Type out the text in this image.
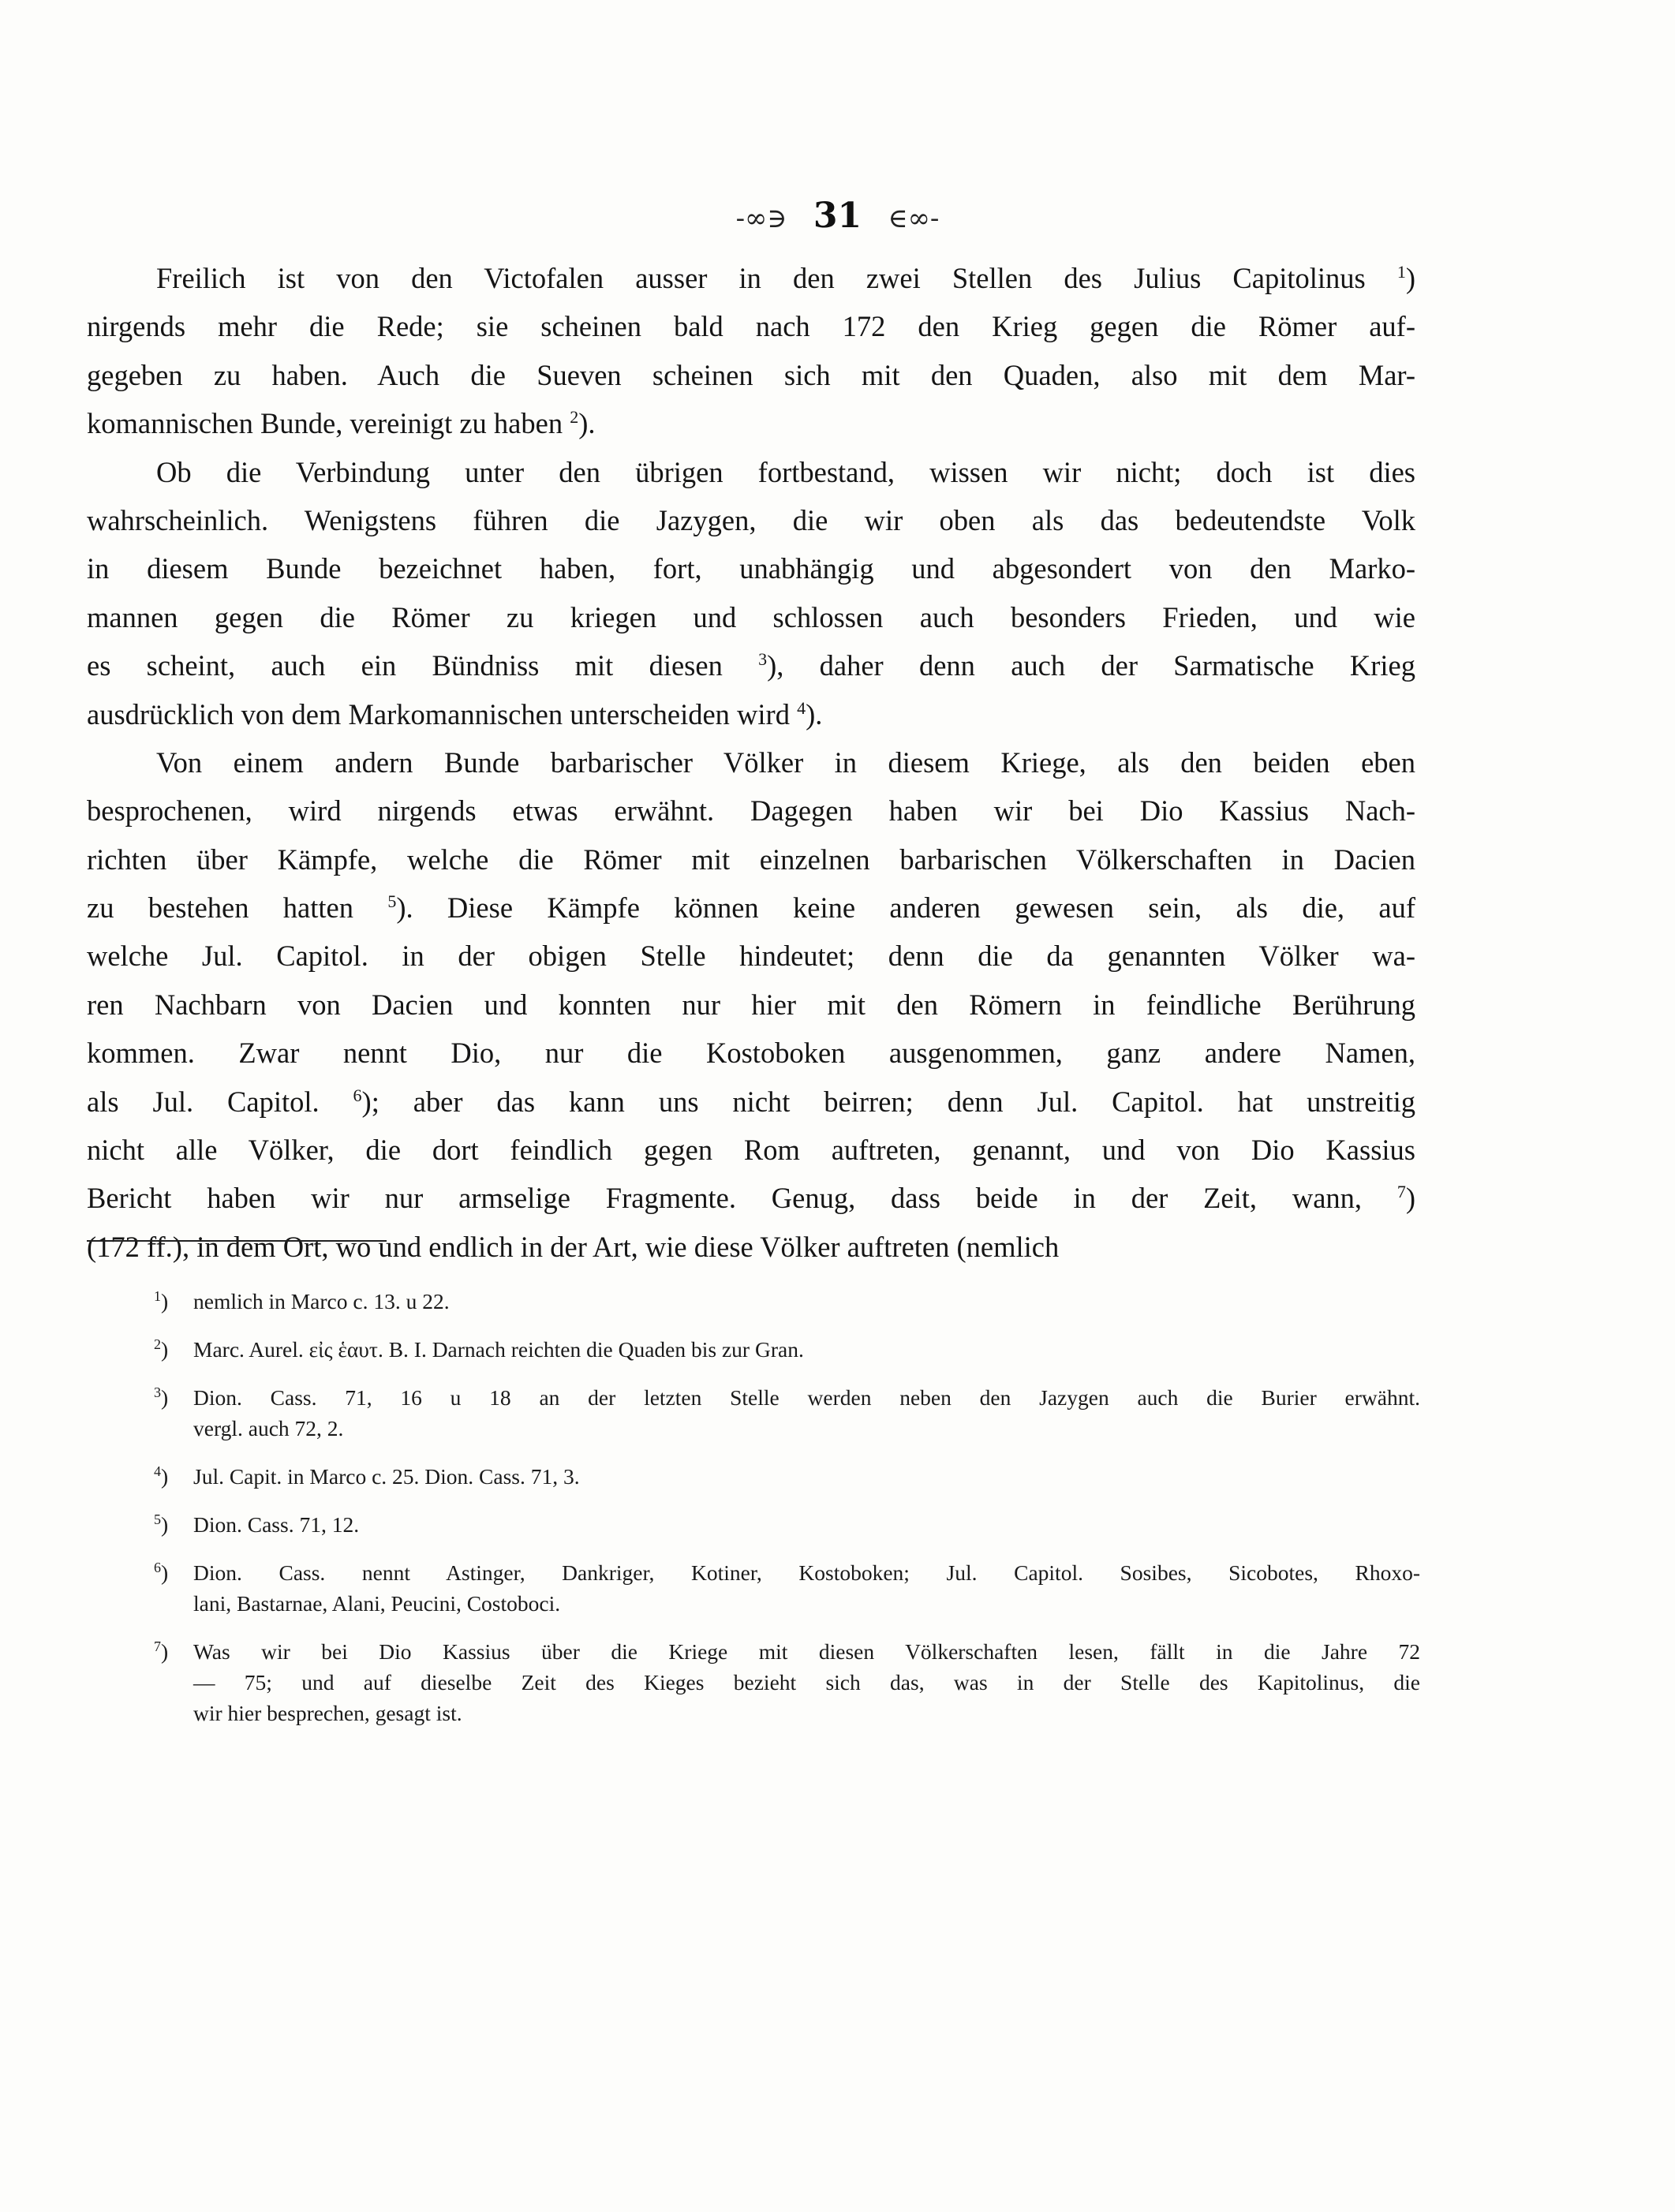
-∞∋ 31 ∈∞-
Freilich ist von den Victofalen ausser in den zwei Stellen des Julius Capitolinus $^1$)
nirgends mehr die Rede; sie scheinen bald nach 172 den Krieg gegen die Römer auf-
gegeben zu haben. Auch die Sueven scheinen sich mit den Quaden, also mit dem Mar-
komannischen Bunde, vereinigt zu haben $^2$).
Ob die Verbindung unter den übrigen fortbestand, wissen wir nicht; doch ist dies
wahrscheinlich. Wenigstens führen die Jazygen, die wir oben als das bedeutendste Volk
in diesem Bunde bezeichnet haben, fort, unabhängig und abgesondert von den Marko-
mannen gegen die Römer zu kriegen und schlossen auch besonders Frieden, und wie
es scheint, auch ein Bündniss mit diesen $^3$), daher denn auch der Sarmatische Krieg
ausdrücklich von dem Markomannischen unterscheiden wird $^4$).
Von einem andern Bunde barbarischer Völker in diesem Kriege, als den beiden eben
besprochenen, wird nirgends etwas erwähnt. Dagegen haben wir bei Dio Kassius Nach-
richten über Kämpfe, welche die Römer mit einzelnen barbarischen Völkerschaften in Dacien
zu bestehen hatten $^5$). Diese Kämpfe können keine anderen gewesen sein, als die, auf
welche Jul. Capitol. in der obigen Stelle hindeutet; denn die da genannten Völker wa-
ren Nachbarn von Dacien und konnten nur hier mit den Römern in feindliche Berührung
kommen. Zwar nennt Dio, nur die Kostoboken ausgenommen, ganz andere Namen,
als Jul. Capitol. $^6$); aber das kann uns nicht beirren; denn Jul. Capitol. hat unstreitig
nicht alle Völker, die dort feindlich gegen Rom auftreten, genannt, und von Dio Kassius
Bericht haben wir nur armselige Fragmente. Genug, dass beide in der Zeit, wann, $^7$)
(172 ff.), in dem Ort, wo und endlich in der Art, wie diese Völker auftreten (nemlich
$^1$) nemlich in Marco c. 13. u 22.
$^2$) Marc. Aurel. εἰς ἑαυτ. B. I. Darnach reichten die Quaden bis zur Gran.
$^3$) Dion. Cass. 71, 16 u 18 an der letzten Stelle werden neben den Jazygen auch die Burier erwähnt.
vergl. auch 72, 2.
$^4$) Jul. Capit. in Marco c. 25. Dion. Cass. 71, 3.
$^5$) Dion. Cass. 71, 12.
$^6$) Dion. Cass. nennt Astinger, Dankriger, Kotiner, Kostoboken; Jul. Capitol. Sosibes, Sicobotes, Rhoxo-
lani, Bastarnae, Alani, Peucini, Costoboci.
$^7$) Was wir bei Dio Kassius über die Kriege mit diesen Völkerschaften lesen, fällt in die Jahre 72
— 75; und auf dieselbe Zeit des Kieges bezieht sich das, was in der Stelle des Kapitolinus, die
wir hier besprechen, gesagt ist.
